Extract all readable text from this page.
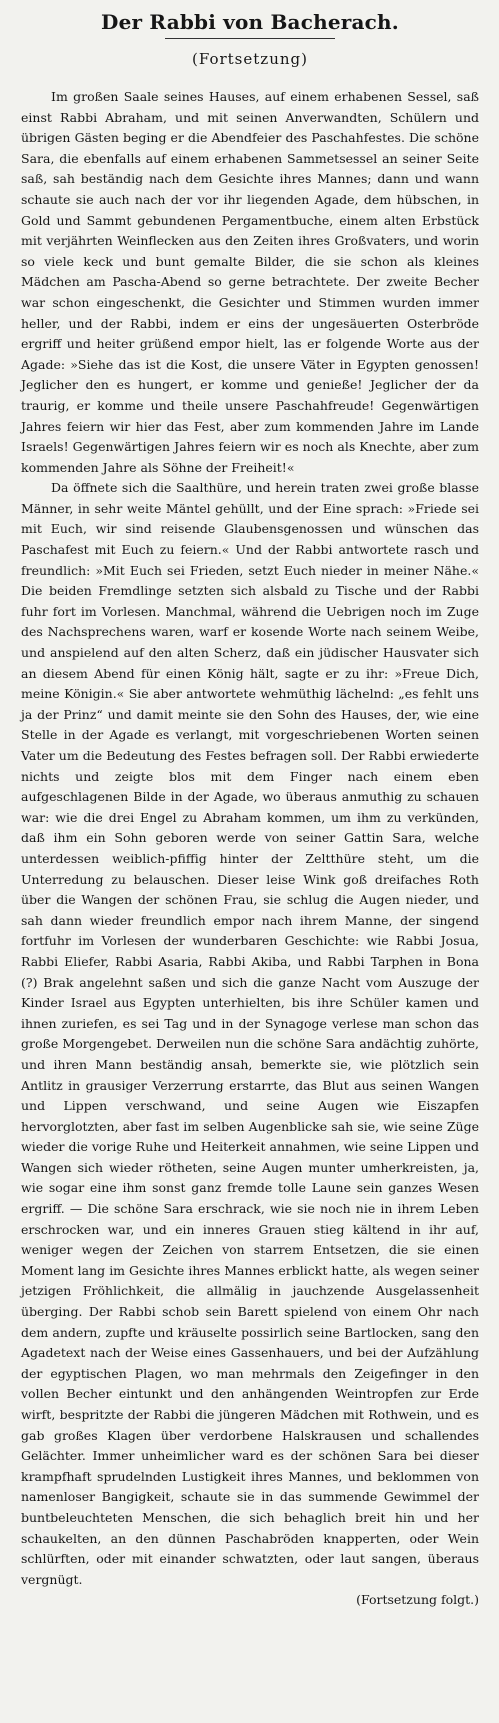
Der Rabbi von Bacherach.
(Fortsetzung)

Im großen Saale seines Hauses, auf einem erhabenen Sessel, saß einst Rabbi Abraham, und mit seinen Anverwandten, Schülern und übrigen Gästen beging er die Abendfeier des Paschahfestes. Die schöne Sara, die ebenfalls auf einem erhabenen Sammetsessel an seiner Seite saß, sah beständig nach dem Gesichte ihres Mannes; dann und wann schaute sie auch nach der vor ihr liegenden Agade, dem hübschen, in Gold und Sammt gebundenen Pergamentbuche, einem alten Erbstück mit verjährten Weinflecken aus den Zeiten ihres Großvaters, und worin so viele keck und bunt gemalte Bilder, die sie schon als kleines Mädchen am Pascha-Abend so gerne betrachtete. Der zweite Becher war schon eingeschenkt, die Gesichter und Stimmen wurden immer heller, und der Rabbi, indem er eins der ungesäuerten Osterbröde ergriff und heiter grüßend empor hielt, las er folgende Worte aus der Agade: »Siehe das ist die Kost, die unsere Väter in Egypten genossen! Jeglicher den es hungert, er komme und genieße! Jeglicher der da traurig, er komme und theile unsere Paschahfreude! Gegenwärtigen Jahres feiern wir hier das Fest, aber zum kommenden Jahre im Lande Israels! Gegenwärtigen Jahres feiern wir es noch als Knechte, aber zum kommenden Jahre als Söhne der Freiheit!«

Da öffnete sich die Saalthüre, und herein traten zwei große blasse Männer, in sehr weite Mäntel gehüllt, und der Eine sprach: »Friede sei mit Euch, wir sind reisende Glaubensgenossen und wünschen das Paschafest mit Euch zu feiern.« Und der Rabbi antwortete rasch und freundlich: »Mit Euch sei Frieden, setzt Euch nieder in meiner Nähe.« Die beiden Fremdlinge setzten sich alsbald zu Tische und der Rabbi fuhr fort im Vorlesen. Manchmal, während die Uebrigen noch im Zuge des Nachsprechens waren, warf er kosende Worte nach seinem Weibe, und anspielend auf den alten Scherz, daß ein jüdischer Hausvater sich an diesem Abend für einen König hält, sagte er zu ihr: »Freue Dich, meine Königin.« Sie aber antwortete wehmüthig lächelnd: „es fehlt uns ja der Prinz“ und damit meinte sie den Sohn des Hauses, der, wie eine Stelle in der Agade es verlangt, mit vorgeschriebenen Worten seinen Vater um die Bedeutung des Festes befragen soll. Der Rabbi erwiederte nichts und zeigte blos mit dem Finger nach einem eben aufgeschlagenen Bilde in der Agade, wo überaus anmuthig zu schauen war: wie die drei Engel zu Abraham kommen, um ihm zu verkünden, daß ihm ein Sohn geboren werde von seiner Gattin Sara, welche unterdessen weiblich-pfiffig hinter der Zeltthüre steht, um die Unterredung zu belauschen. Dieser leise Wink goß dreifaches Roth über die Wangen der schönen Frau, sie schlug die Augen nieder, und sah dann wieder freundlich empor nach ihrem Manne, der singend fortfuhr im Vorlesen der wunderbaren Geschichte: wie Rabbi Josua, Rabbi Eliefer, Rabbi Asaria, Rabbi Akiba, und Rabbi Tarphen in Bona (?) Brak angelehnt saßen und sich die ganze Nacht vom Auszuge der Kinder Israel aus Egypten unterhielten, bis ihre Schüler kamen und ihnen zuriefen, es sei Tag und in der Synagoge verlese man schon das große Morgengebet. Derweilen nun die schöne Sara andächtig zuhörte, und ihren Mann beständig ansah, bemerkte sie, wie plötzlich sein Antlitz in grausiger Verzerrung erstarrte, das Blut aus seinen Wangen und Lippen verschwand, und seine Augen wie Eiszapfen hervorglotzten, aber fast im selben Augenblicke sah sie, wie seine Züge wieder die vorige Ruhe und Heiterkeit annahmen, wie seine Lippen und Wangen sich wieder rötheten, seine Augen munter umherkreisten, ja, wie sogar eine ihm sonst ganz fremde tolle Laune sein ganzes Wesen ergriff. — Die schöne Sara erschrack, wie sie noch nie in ihrem Leben erschrocken war, und ein inneres Grauen stieg kältend in ihr auf, weniger wegen der Zeichen von starrem Entsetzen, die sie einen Moment lang im Gesichte ihres Mannes erblickt hatte, als wegen seiner jetzigen Fröhlichkeit, die allmälig in jauchzende Ausgelassenheit überging. Der Rabbi schob sein Barett spielend von einem Ohr nach dem andern, zupfte und kräuselte possirlich seine Bartlocken, sang den Agadetext nach der Weise eines Gassenhauers, und bei der Aufzählung der egyptischen Plagen, wo man mehrmals den Zeigefinger in den vollen Becher eintunkt und den anhängenden Weintropfen zur Erde wirft, bespritzte der Rabbi die jüngeren Mädchen mit Rothwein, und es gab großes Klagen über verdorbene Halskrausen und schallendes Gelächter. Immer unheimlicher ward es der schönen Sara bei dieser krampfhaft sprudelnden Lustigkeit ihres Mannes, und beklommen von namenloser Bangigkeit, schaute sie in das summende Gewimmel der buntbeleuchteten Menschen, die sich behaglich breit hin und her schaukelten, an den dünnen Paschabröden knapperten, oder Wein schlürften, oder mit einander schwatzten, oder laut sangen, überaus vergnügt.

(Fortsetzung folgt.)
